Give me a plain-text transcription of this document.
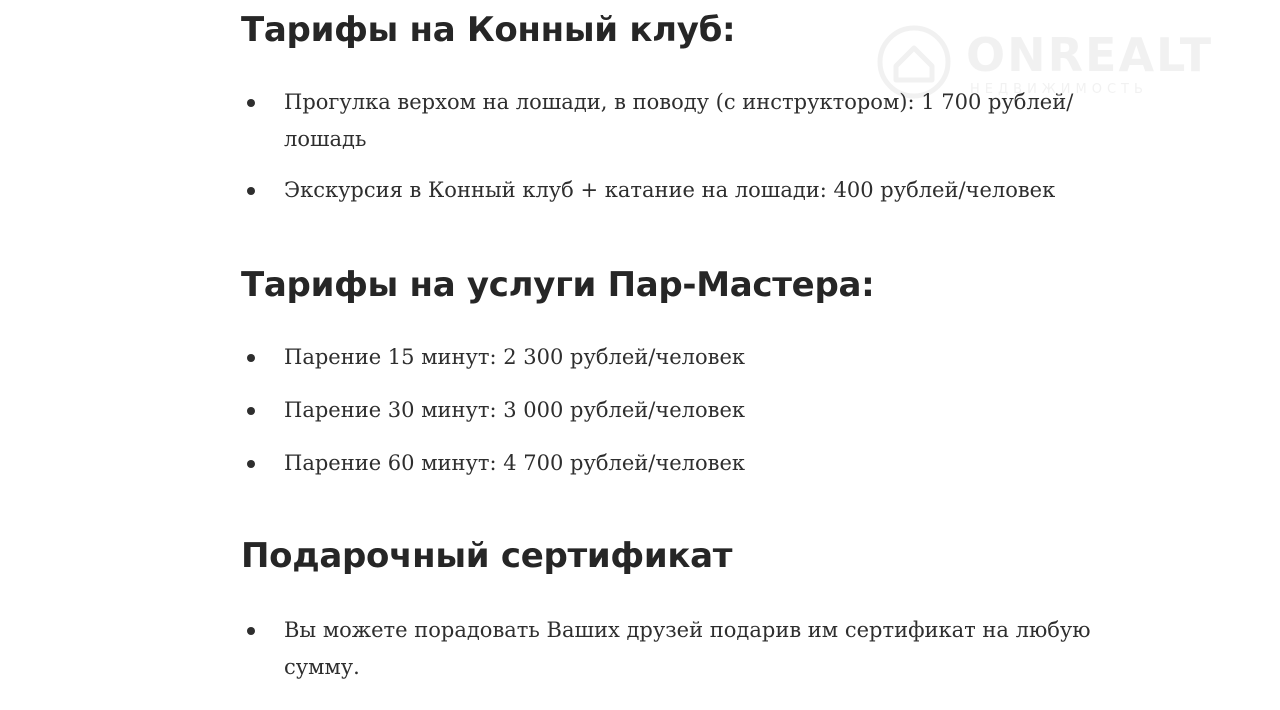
ONREALT
НЕДВИЖИМОСТЬ
Тарифы на Конный клуб:
Прогулка верхом на лошади, в поводу (с инструктором): 1 700 рублей/лошадь
Экскурсия в Конный клуб + катание на лошади: 400 рублей/человек
Тарифы на услуги Пар-Мастера:
Парение 15 минут: 2 300 рублей/человек
Парение 30 минут: 3 000 рублей/человек
Парение 60 минут: 4 700 рублей/человек
Подарочный сертификат
Вы можете порадовать Ваших друзей подарив им сертификат на любую сумму.
